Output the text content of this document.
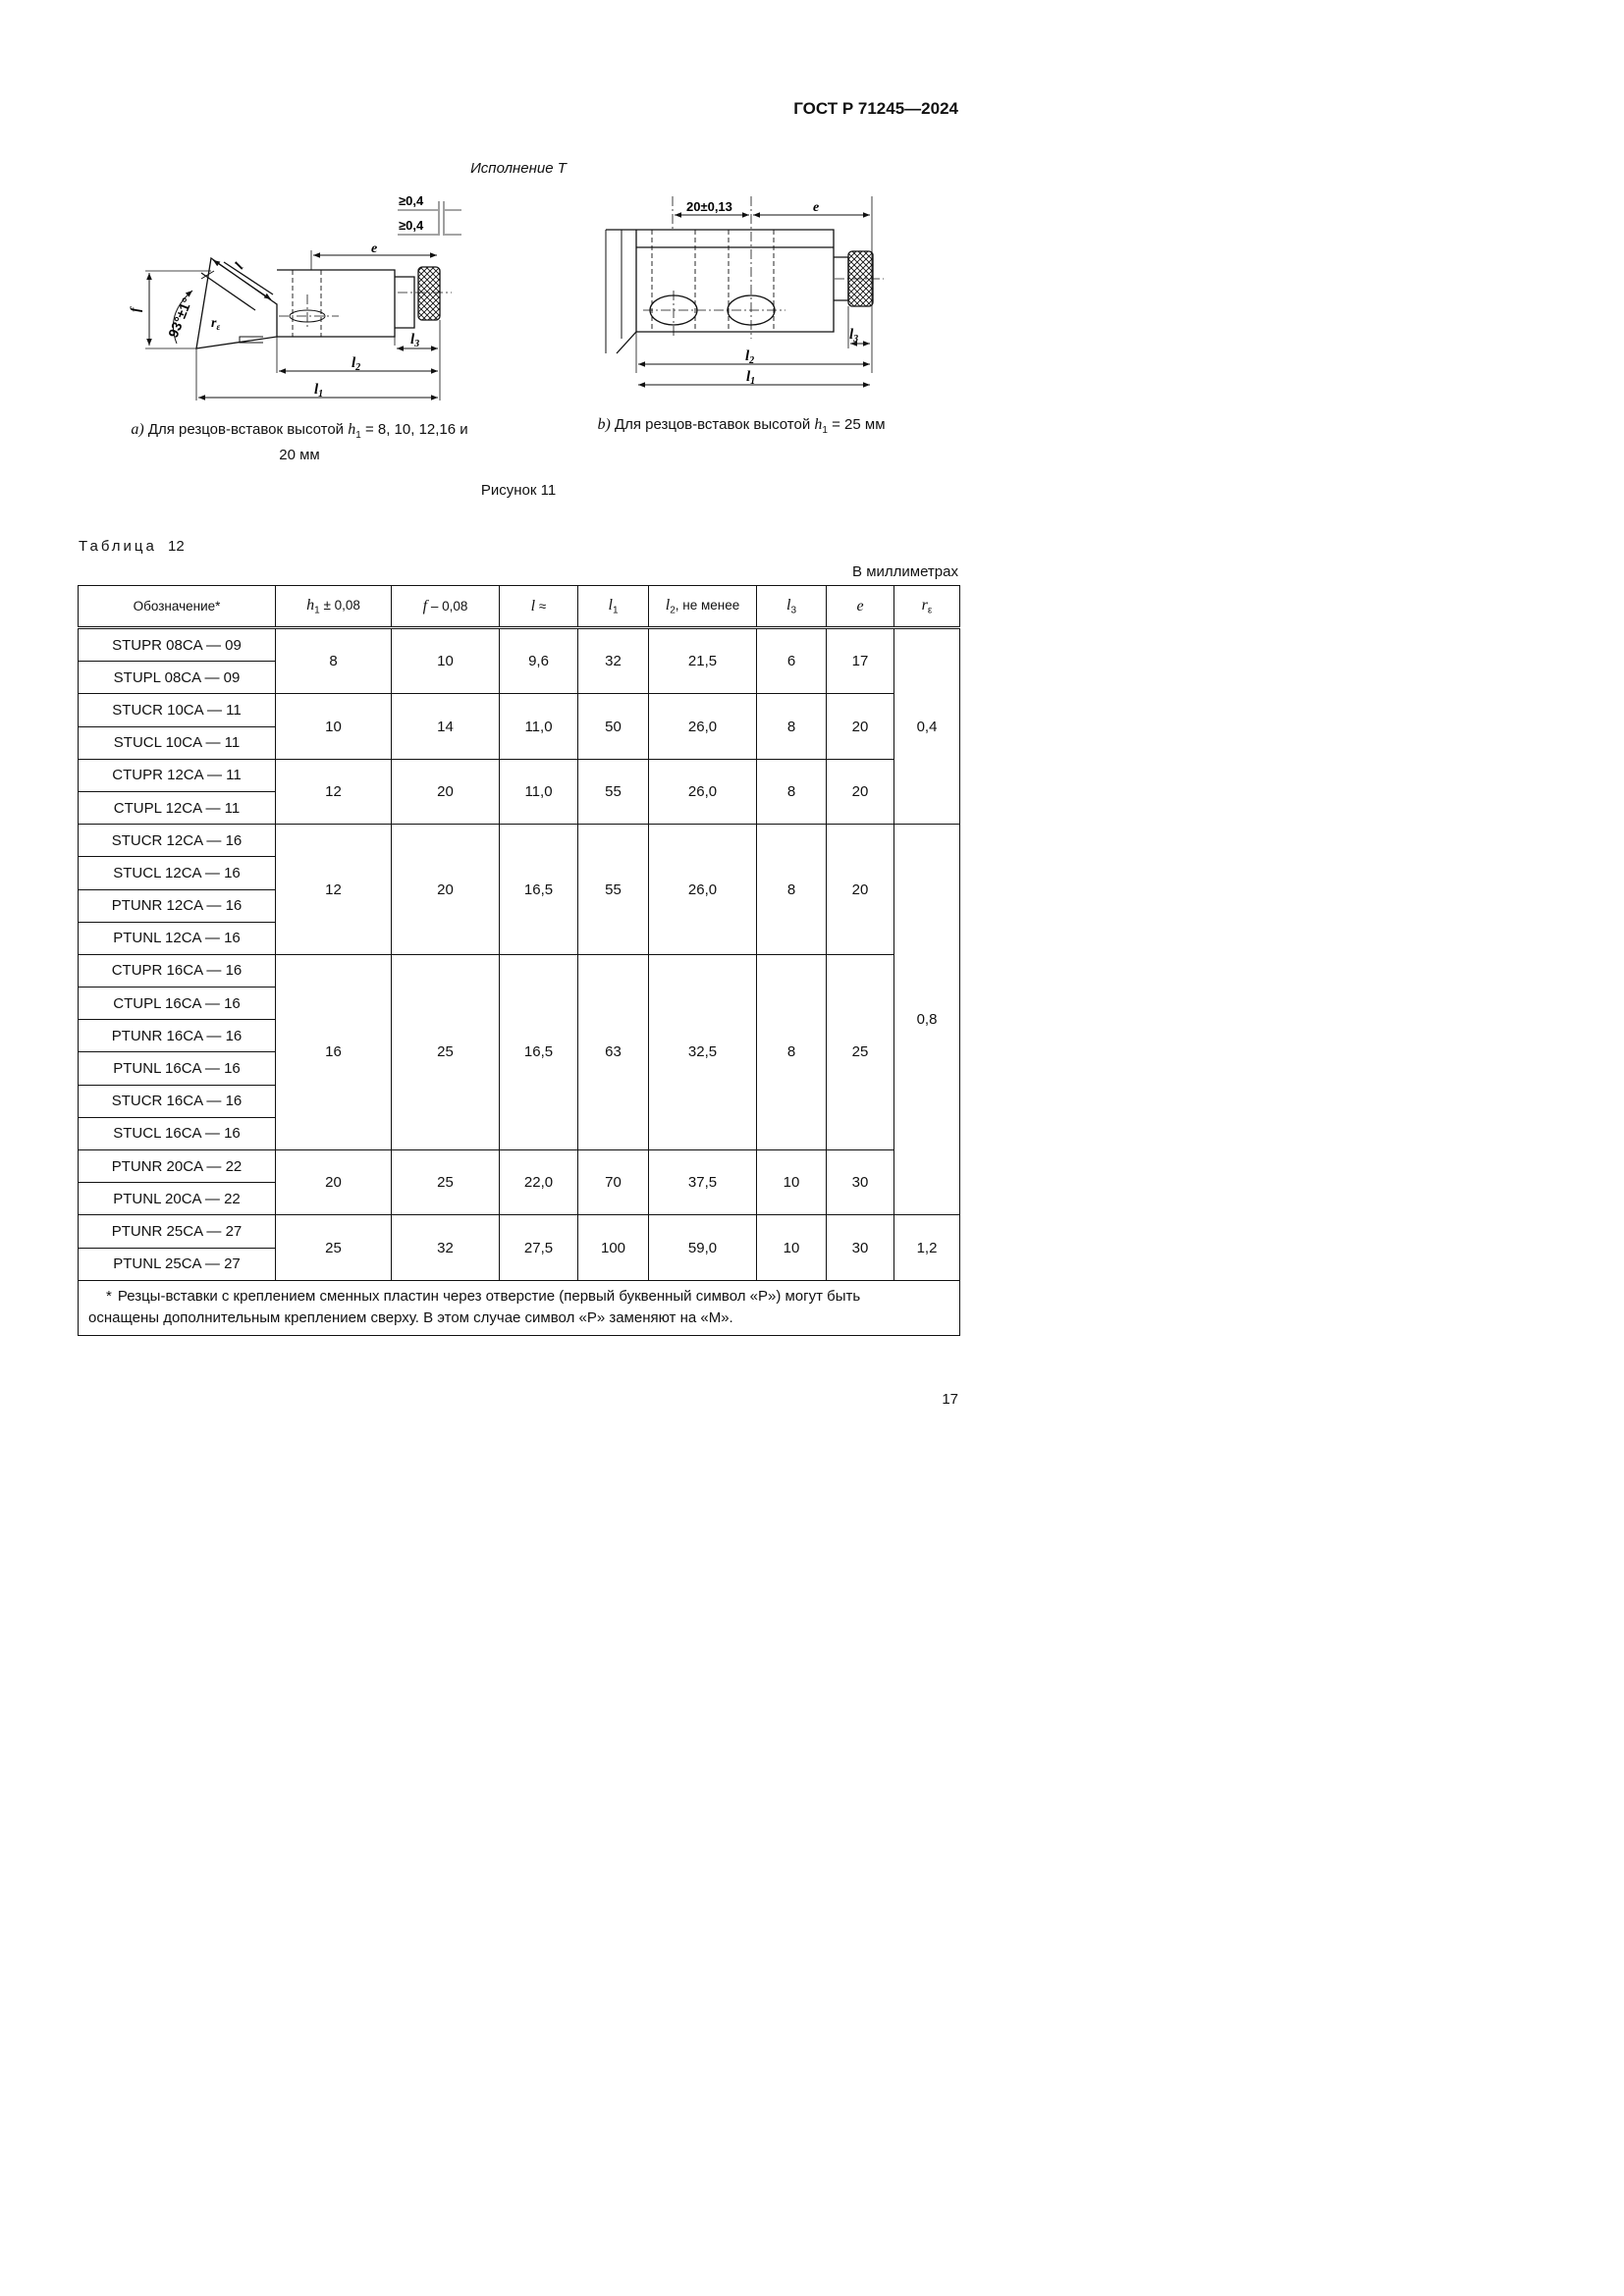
ГОСТ Р 71245—2024
Исполнение Т
≥0,4
≥0,4
e
l
f 93°±1° $r_\varepsilon$
$l_2$
$l_1$
$l_3$
20±0,13	e
$l_2$
$l_1$
$l_3$
a) Для резцов-вставок высотой $h_1 = 8$, 10, 12,16 и
20 мм
b) Для резцов-вставок высотой $h_1 = 25$ мм
Рисунок 11
Таблица 12
В миллиметрах
Обозначение*	$h_1 \pm 0,08$	f – 0,08	l ≈	$l_1$	$l_2$, не менее	$l_3$	e	$r_\varepsilon$
STUPR 08CA — 09	8	10	9,6	32	21,5	6	17	0,4
STUPL 08CA — 09								
STUCR 10CA — 11	10	14	11,0	50	26,0	8	20	
STUCL 10CA — 11								
CTUPR 12CA — 11	12	20	11,0	55	26,0	8	20	
CTUPL 12CA — 11								
STUCR 12CA — 16	12	20	16,5	55	26,0	8	20	0,8
STUCL 12CA — 16								
PTUNR 12CA — 16								
PTUNL 12CA — 16								
CTUPR 16CA — 16	16	25	16,5	63	32,5	8	25	
CTUPL 16CA — 16								
PTUNR 16CA — 16								
PTUNL 16CA — 16								
STUCR 16CA — 16								
STUCL 16CA — 16								
PTUNR 20CA — 22	20	25	22,0	70	37,5	10	30	
PTUNL 20CA — 22								
PTUNR 25CA — 27	25	32	27,5	100	59,0	10	30	1,2
PTUNL 25CA — 27								
* Резцы-вставки с креплением сменных пластин через отверстие (первый буквенный символ «P») могут быть
оснащены дополнительным креплением сверху. В этом случае символ «P» заменяют на «M».								
17
